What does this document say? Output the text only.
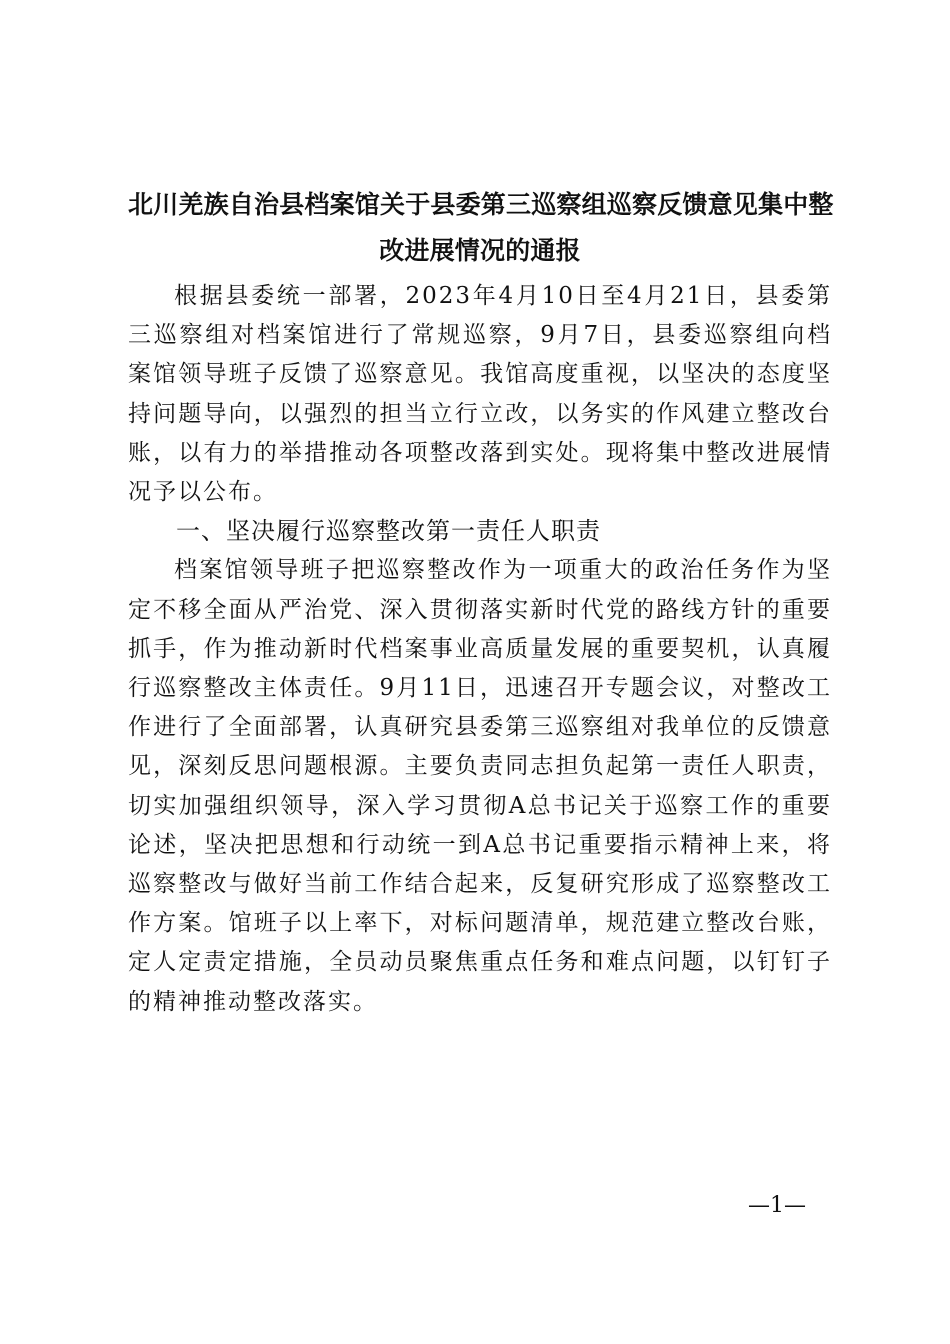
北川羌族自治县档案馆关于县委第三巡察组巡察反馈意见集中整
改进展情况的通报

根据县委统一部署，2023年4月10日至4月21日，县委第三巡察组对档案馆进行了常规巡察，9月7日，县委巡察组向档案馆领导班子反馈了巡察意见。我馆高度重视，以坚决的态度坚持问题导向，以强烈的担当立行立改，以务实的作风建立整改台账，以有力的举措推动各项整改落到实处。现将集中整改进展情况予以公布。

一、坚决履行巡察整改第一责任人职责

档案馆领导班子把巡察整改作为一项重大的政治任务作为坚定不移全面从严治党、深入贯彻落实新时代党的路线方针的重要抓手，作为推动新时代档案事业高质量发展的重要契机，认真履行巡察整改主体责任。9月11日，迅速召开专题会议，对整改工作进行了全面部署，认真研究县委第三巡察组对我单位的反馈意见，深刻反思问题根源。主要负责同志担负起第一责任人职责，切实加强组织领导，深入学习贯彻A总书记关于巡察工作的重要论述，坚决把思想和行动统一到A总书记重要指示精神上来，将巡察整改与做好当前工作结合起来，反复研究形成了巡察整改工作方案。馆班子以上率下，对标问题清单，规范建立整改台账，定人定责定措施，全员动员聚焦重点任务和难点问题，以钉钉子的精神推动整改落实。

—1—
